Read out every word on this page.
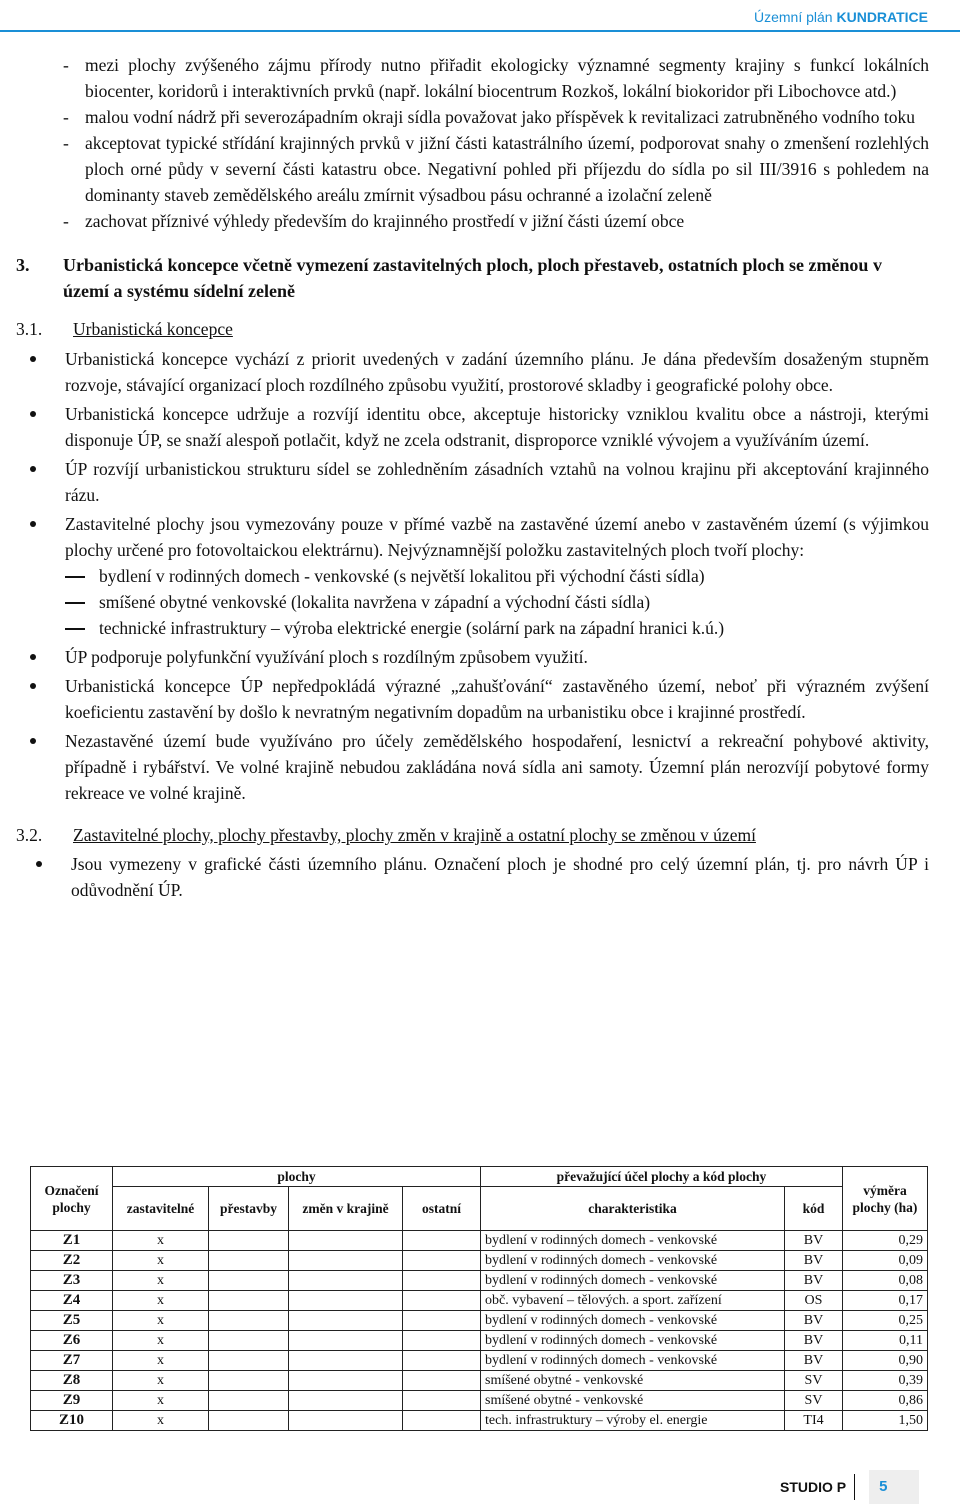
Územní plán KUNDRATICE
- mezi plochy zvýšeného zájmu přírody nutno přiřadit ekologicky významné segmenty krajiny s funkcí lokálních biocenter, koridorů i interaktivních prvků (např. lokální biocentrum Rozkoš, lokální biokoridor při Libochovce atd.)
- malou vodní nádrž při severozápadním okraji sídla považovat jako příspěvek k revitalizaci zatrubněného vodního toku
- akceptovat typické střídání krajinných prvků v jižní části katastrálního území, podporovat snahy o zmenšení rozlehlých ploch orné půdy v severní části katastru obce. Negativní pohled při příjezdu do sídla po sil III/3916 s pohledem na dominanty staveb zemědělského areálu zmírnit výsadbou pásu ochranné a izolační zeleně
- zachovat příznivé výhledy především do krajinného prostředí v jižní části území obce
3.	Urbanistická koncepce včetně vymezení zastavitelných ploch, ploch přestaveb, ostatních ploch se změnou v území a systému sídelní zeleně
3.1.	Urbanistická koncepce
Urbanistická koncepce vychází z priorit uvedených v zadání územního plánu. Je dána především dosaženým stupněm rozvoje, stávající organizací ploch rozdílného způsobu využití, prostorové skladby i geografické polohy obce.
Urbanistická koncepce udržuje a rozvíjí identitu obce, akceptuje historicky vzniklou kvalitu obce a nástroji, kterými disponuje ÚP, se snaží alespoň potlačit, když ne zcela odstranit, disproporce vzniklé vývojem a využíváním území.
ÚP rozvíjí urbanistickou strukturu sídel se zohledněním zásadních vztahů na volnou krajinu při akceptování krajinného rázu.
Zastavitelné plochy jsou vymezovány pouze v přímé vazbě na zastavěné území anebo v zastavěném území (s výjimkou plochy určené pro fotovoltaickou elektrárnu). Nejvýznamnější položku zastavitelných ploch tvoří plochy:
bydlení v rodinných domech - venkovské (s největší lokalitou při východní části sídla)
smíšené obytné venkovské (lokalita navržena v západní a východní části sídla)
technické infrastruktury – výroba elektrické energie (solární park na západní hranici k.ú.)
ÚP podporuje polyfunkční využívání ploch s rozdílným způsobem využití.
Urbanistická koncepce ÚP nepředpokládá výrazné „zahušťování“ zastavěného území, neboť při výrazném zvýšení koeficientu zastavění by došlo k nevratným negativním dopadům na urbanistiku obce i krajinné prostředí.
Nezastavěné území bude využíváno pro účely zemědělského hospodaření, lesnictví a rekreační pohybové aktivity, případně i rybářství. Ve volné krajině nebudou zakládána nová sídla ani samoty. Územní plán nerozvíjí pobytové formy rekreace ve volné krajině.
3.2.	Zastavitelné plochy, plochy přestavby, plochy změn v krajině a ostatní plochy se změnou v území
Jsou vymezeny v grafické části územního plánu. Označení ploch je shodné pro celý územní plán, tj. pro návrh ÚP i odůvodnění ÚP.
Označení plochy	plochy				převažující účel plochy a kód plochy		výměra plochy (ha)
	zastavitelné	přestavby	změn v krajině	ostatní	charakteristika	kód	
Z1	x				bydlení v rodinných domech - venkovské	BV	0,29
Z2	x				bydlení v rodinných domech - venkovské	BV	0,09
Z3	x				bydlení v rodinných domech - venkovské	BV	0,08
Z4	x				obč. vybavení – tělových. a sport. zařízení	OS	0,17
Z5	x				bydlení v rodinných domech - venkovské	BV	0,25
Z6	x				bydlení v rodinných domech - venkovské	BV	0,11
Z7	x				bydlení v rodinných domech - venkovské	BV	0,90
Z8	x				smíšené obytné - venkovské	SV	0,39
Z9	x				smíšené obytné - venkovské	SV	0,86
Z10	x				tech. infrastruktury – výroby el. energie	TI4	1,50
STUDIO P	5
